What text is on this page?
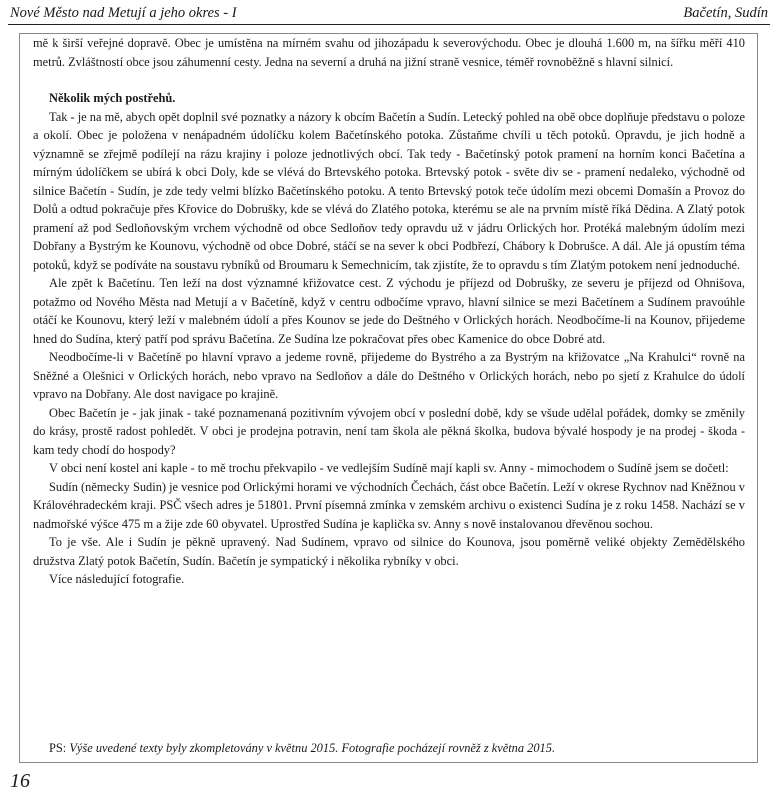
Nové Město nad Metují a jeho okres - I	Bačetín, Sudín

mě k širší veřejné dopravě. Obec je umístěna na mírném svahu od jihozápadu k severovýchodu. Obec je dlouhá 1.600 m, na šířku měří 410 metrů. Zvláštností obce jsou záhumenní cesty. Jedna na severní a druhá na jižní straně vesnice, téměř rovnoběžně s hlavní silnicí.

Několik mých postřehů.

Tak - je na mě, abych opět doplnil své poznatky a názory k obcím Bačetín a Sudín. Letecký pohled na obě obce doplňuje představu o poloze a okolí. Obec je položena v nenápadném údolíčku kolem Bačetínského potoka. Zůstaňme chvíli u těch potoků. Opravdu, je jich hodně a významně se zřejmě podílejí na rázu krajiny i poloze jednotlivých obcí. Tak tedy - Bačetínský potok pramení na horním konci Bačetína a mírným údolíčkem se ubírá k obci Doly, kde se vlévá do Brtevského potoka. Brtevský potok - světe div se - pramení nedaleko, východně od silnice Bačetín - Sudín, je zde tedy velmi blízko Bačetínského potoku. A tento Brtevský potok teče údolím mezi obcemi Domašín a Provoz do Dolů a odtud pokračuje přes Křovice do Dobrušky, kde se vlévá do Zlatého potoka, kterému se ale na prvním místě říká Dědina. A Zlatý potok pramení až pod Sedloňovským vrchem východně od obce Sedloňov tedy opravdu už v jádru Orlických hor. Protéká malebným údolím mezi Dobřany a Bystrým ke Kounovu, východně od obce Dobré, stáčí se na sever k obci Podbřezí, Chábory k Dobrušce. A dál. Ale já opustím téma potoků, když se podíváte na soustavu rybníků od Broumaru k Semechnicím, tak zjistíte, že to opravdu s tím Zlatým potokem není jednoduché.

Ale zpět k Bačetínu. Ten leží na dost významné křižovatce cest. Z východu je příjezd od Dobrušky, ze severu je příjezd od Ohnišova, potažmo od Nového Města nad Metují a v Bačetíně, když v centru odbočíme vpravo, hlavní silnice se mezi Bačetínem a Sudínem pravoúhle otáčí ke Kounovu, který leží v malebném údolí a přes Kounov se jede do Deštného v Orlických horách. Neodbočíme-li na Kounov, přijedeme hned do Sudína, který patří pod správu Bačetína. Ze Sudína lze pokračovat přes obec Kamenice do obce Dobré atd.

Neodbočíme-li v Bačetíně po hlavní vpravo a jedeme rovně, přijedeme do Bystrého a za Bystrým na křižovatce „Na Krahulci“ rovně na Sněžné a Olešnici v Orlických horách, nebo vpravo na Sedloňov a dále do Deštného v Orlických horách, nebo po sjetí z Krahulce do údolí vpravo na Dobřany. Ale dost navigace po krajině.

Obec Bačetín je - jak jinak - také poznamenaná pozitivním vývojem obcí v poslední době, kdy se všude udělal pořádek, domky se změnily do krásy, prostě radost pohledět. V obci je prodejna potravin, není tam škola ale pěkná školka, budova bývalé hospody je na prodej - škoda - kam tedy chodí do hospody?

V obci není kostel ani kaple - to mě trochu překvapilo - ve vedlejším Sudíně mají kapli sv. Anny - mimochodem o Sudíně jsem se dočetl:

Sudín (německy Sudin) je vesnice pod Orlickými horami ve východních Čechách, část obce Bačetín. Leží v okrese Rychnov nad Kněžnou v Královéhradeckém kraji. PSČ všech adres je 51801. První písemná zmínka v zemském archivu o existenci Sudína je z roku 1458. Nachází se v nadmořské výšce 475 m a žije zde 60 obyvatel. Uprostřed Sudína je kaplička sv. Anny s nově instalovanou dřevěnou sochou.

To je vše. Ale i Sudín je pěkně upravený. Nad Sudínem, vpravo od silnice do Kounova, jsou poměrně veliké objekty Zemědělského družstva Zlatý potok Bačetín, Sudín. Bačetín je sympatický i několika rybníky v obci.

Více následující fotografie.

PS: Výše uvedené texty byly zkompletovány v květnu 2015. Fotografie pocházejí rovněž z května 2015.
16
